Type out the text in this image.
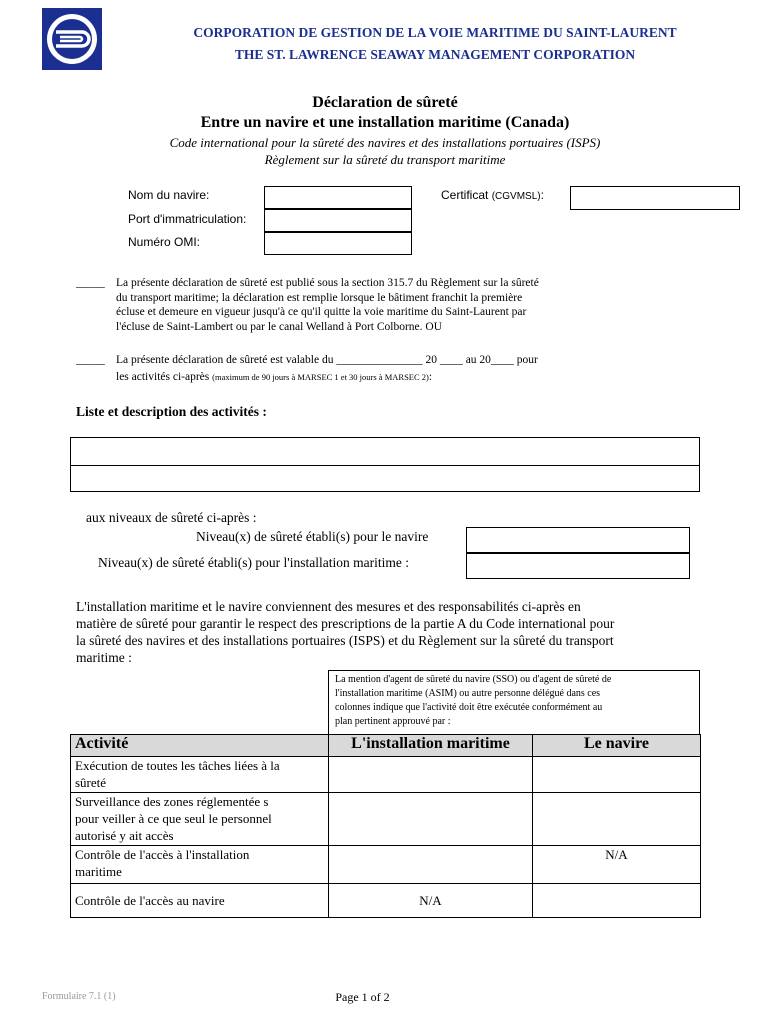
CORPORATION DE GESTION DE LA VOIE MARITIME DU SAINT-LAURENT
THE ST. LAWRENCE SEAWAY MANAGEMENT CORPORATION
Déclaration de sûreté
Entre un navire et une installation maritime (Canada)
Code international pour la sûreté des navires et des installations portuaires (ISPS)
Règlement sur la sûreté du transport maritime
Nom du navire:
Port d'immatriculation:
Numéro OMI:
Certificat (CGVMSL):
_____ La présente déclaration de sûreté est publié sous la section 315.7 du Règlement sur la sûreté
du transport maritime; la déclaration est remplie lorsque le bâtiment franchit la première
écluse et demeure en vigueur jusqu'à ce qu'il quitte la voie maritime du Saint-Laurent par
l'écluse de Saint-Lambert ou par le canal Welland à Port Colborne. OU
_____ La présente déclaration de sûreté est valable du _______________ 20 ____ au 20____ pour
les activités ci-après (maximum de 90 jours à MARSEC 1 et 30 jours à MARSEC 2):
Liste et description des activités :
aux niveaux de sûreté ci-après :
Niveau(x) de sûreté établi(s) pour le navire
Niveau(x) de sûreté établi(s) pour l'installation maritime :
L'installation maritime et le navire conviennent des mesures et des responsabilités ci-après en
matière de sûreté pour garantir le respect des prescriptions de la partie A du Code international pour
la sûreté des navires et des installations portuaires (ISPS) et du Règlement sur la sûreté du transport
maritime :
La mention d'agent de sûreté du navire (SSO) ou d'agent de sûreté de
l'installation maritime (ASIM) ou autre personne délégué dans ces
colonnes indique que l'activité doit être exécutée conformément au
plan pertinent approuvé par :
Activité	L'installation maritime	Le navire

Exécution de toutes les tâches liées à la
sûreté		

Surveillance des zones réglementée s
pour veiller à ce que seul le personnel
autorisé y ait accès		

Contrôle de l'accès à l'installation
maritime		N/A

Contrôle de l'accès au navire	N/A	
Formulaire 7.1 (1)	Page 1 of 2
